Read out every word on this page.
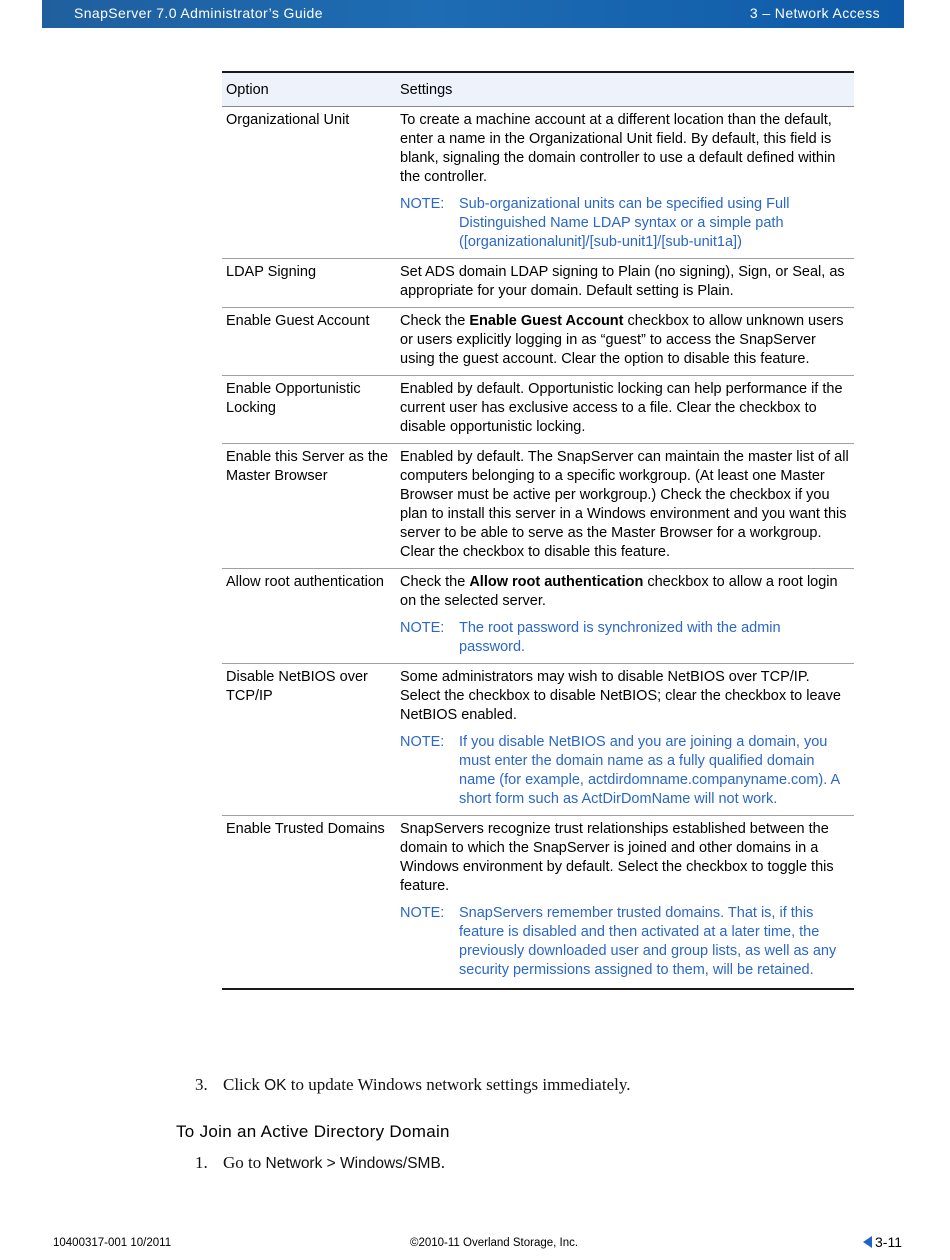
SnapServer 7.0 Administrator’s Guide	3 – Network Access
Option	Settings
Organizational Unit	To create a machine account at a different location than the default, enter a name in the Organizational Unit field. By default, this field is blank, signaling the domain controller to use a default defined within the controller.

NOTE: Sub-organizational units can be specified using Full Distinguished Name LDAP syntax or a simple path ([organizationalunit]/[sub-unit1]/[sub-unit1a])

LDAP Signing	Set ADS domain LDAP signing to Plain (no signing), Sign, or Seal, as appropriate for your domain. Default setting is Plain.

Enable Guest Account	Check the Enable Guest Account checkbox to allow unknown users or users explicitly logging in as “guest” to access the SnapServer using the guest account. Clear the option to disable this feature.

Enable Opportunistic Locking	Enabled by default. Opportunistic locking can help performance if the current user has exclusive access to a file. Clear the checkbox to disable opportunistic locking.

Enable this Server as the Master Browser	Enabled by default. The SnapServer can maintain the master list of all computers belonging to a specific workgroup. (At least one Master Browser must be active per workgroup.) Check the checkbox if you plan to install this server in a Windows environment and you want this server to be able to serve as the Master Browser for a workgroup. Clear the checkbox to disable this feature.

Allow root authentication	Check the Allow root authentication checkbox to allow a root login on the selected server.

NOTE: The root password is synchronized with the admin password.

Disable NetBIOS over TCP/IP	Some administrators may wish to disable NetBIOS over TCP/IP. Select the checkbox to disable NetBIOS; clear the checkbox to leave NetBIOS enabled.

NOTE: If you disable NetBIOS and you are joining a domain, you must enter the domain name as a fully qualified domain name (for example, actdirdomname.companyname.com). A short form such as ActDirDomName will not work.

Enable Trusted Domains	SnapServers recognize trust relationships established between the domain to which the SnapServer is joined and other domains in a Windows environment by default. Select the checkbox to toggle this feature.

NOTE: SnapServers remember trusted domains. That is, if this feature is disabled and then activated at a later time, the previously downloaded user and group lists, as well as any security permissions assigned to them, will be retained.
3. Click OK to update Windows network settings immediately.
To Join an Active Directory Domain
1. Go to Network > Windows/SMB.
10400317-001 10/2011	©2010-11 Overland Storage, Inc.	3-11
